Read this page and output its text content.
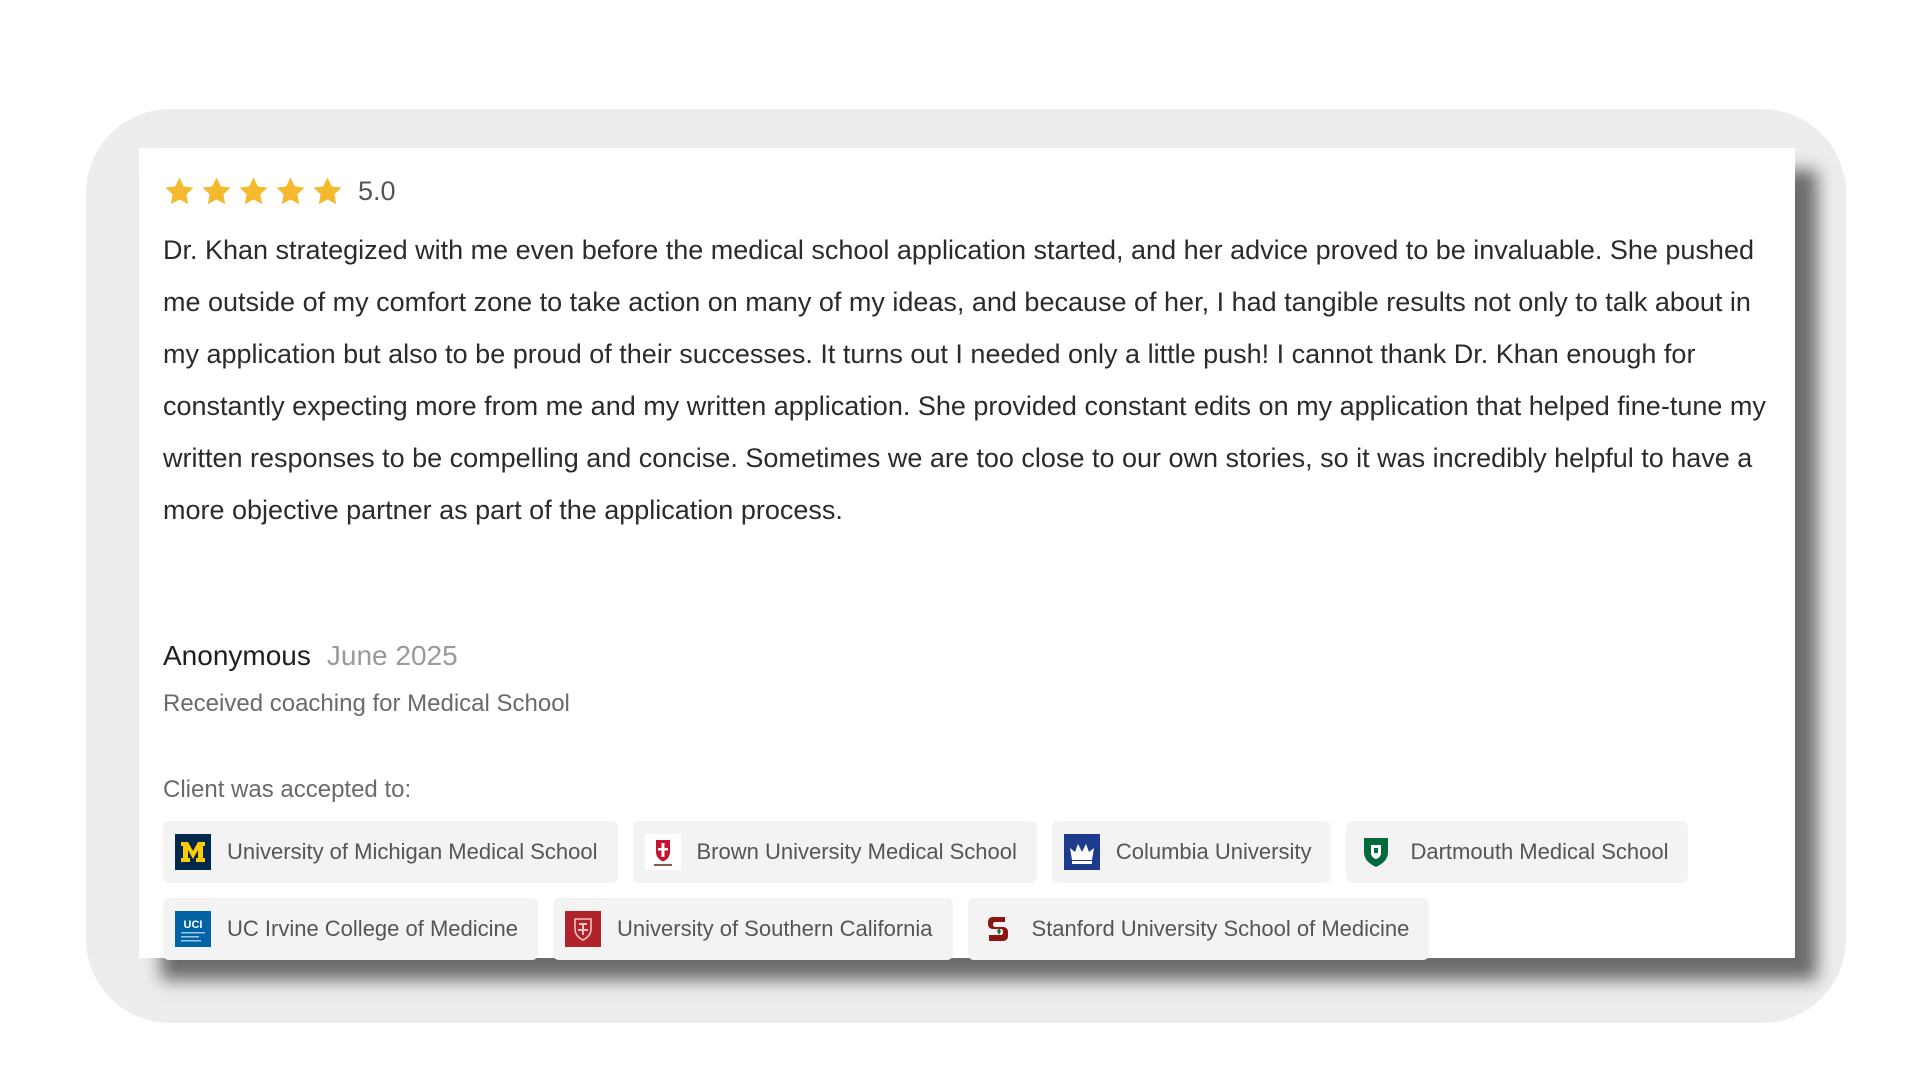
5.0

Dr. Khan strategized with me even before the medical school application started, and her advice proved to be invaluable. She pushed me outside of my comfort zone to take action on many of my ideas, and because of her, I had tangible results not only to talk about in my application but also to be proud of their successes. It turns out I needed only a little push! I cannot thank Dr. Khan enough for constantly expecting more from me and my written application. She provided constant edits on my application that helped fine-tune my written responses to be compelling and concise. Sometimes we are too close to our own stories, so it was incredibly helpful to have a more objective partner as part of the application process.

Anonymous June 2025
Received coaching for Medical School
Client was accepted to:
University of Michigan Medical School	Brown University Medical School	Columbia University	Dartmouth Medical School
UCI UC Irvine College of Medicine	University of Southern California	Stanford University School of Medicine
